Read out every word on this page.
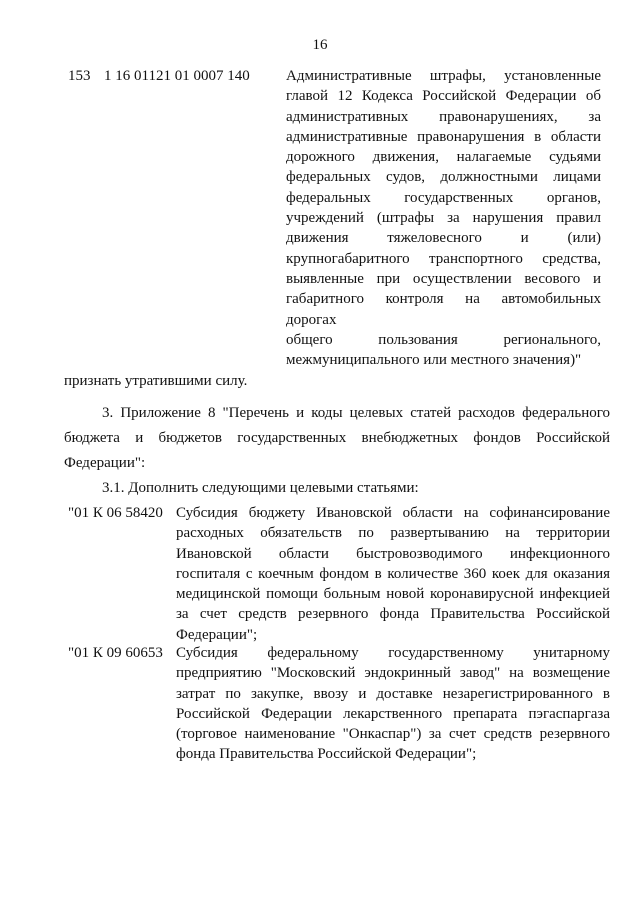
16
153 1 16 01121 01 0007 140 Административные штрафы, установленные
главой 12 Кодекса Российской Федерации об
административных правонарушениях, за
административные правонарушения в области
дорожного движения, налагаемые судьями
федеральных судов, должностными лицами
федеральных государственных органов,
учреждений (штрафы за нарушения правил
движения тяжеловесного и (или)
крупногабаритного транспортного средства,
выявленные при осуществлении весового и
габаритного контроля на автомобильных дорогах
общего пользования регионального,
межмуниципального или местного значения)"
признать утратившими силу.
3. Приложение 8 "Перечень и коды целевых статей расходов федерального
бюджета и бюджетов государственных внебюджетных фондов Российской
Федерации":
3.1. Дополнить следующими целевыми статьями:
"01 К 06 58420 Субсидия бюджету Ивановской области на софинансирование
расходных обязательств по развертыванию на территории
Ивановской области быстровозводимого инфекционного
госпиталя с коечным фондом в количестве 360 коек для оказания
медицинской помощи больным новой коронавирусной инфекцией
за счет средств резервного фонда Правительства Российской
Федерации";
"01 К 09 60653 Субсидия федеральному государственному унитарному
предприятию "Московский эндокринный завод" на возмещение
затрат по закупке, ввозу и доставке незарегистрированного в
Российской Федерации лекарственного препарата пэгаспаргаза
(торговое наименование "Онкаспар") за счет средств резервного
фонда Правительства Российской Федерации";
